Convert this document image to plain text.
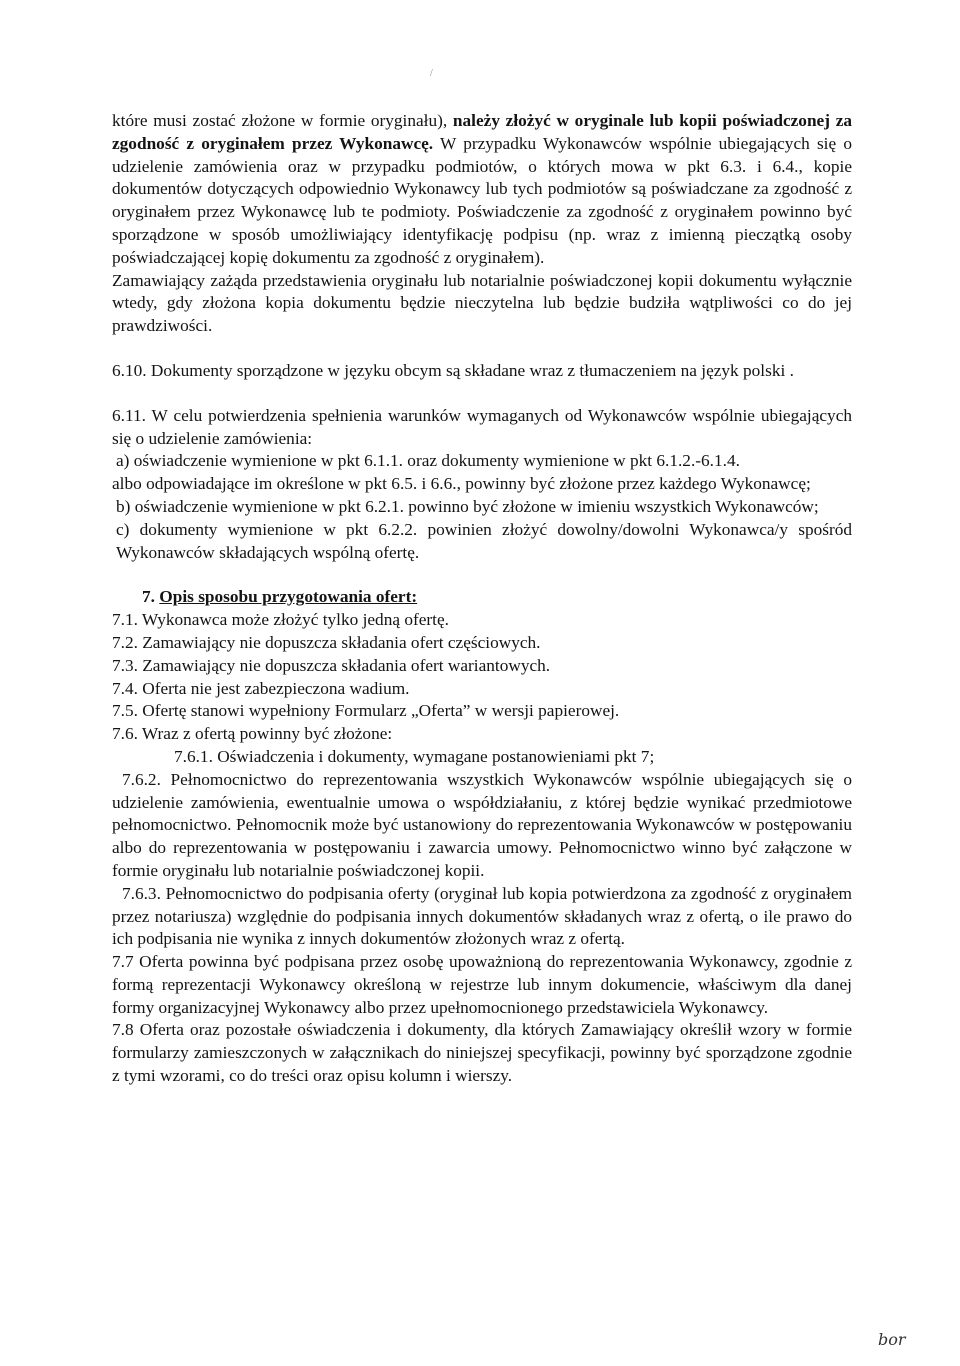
/

które musi zostać złożone w formie oryginału), należy złożyć w oryginale lub kopii poświadczonej za zgodność z oryginałem przez Wykonawcę. W przypadku Wykonawców wspólnie ubiegających się o udzielenie zamówienia oraz w przypadku podmiotów, o których mowa w pkt 6.3. i 6.4., kopie dokumentów dotyczących odpowiednio Wykonawcy lub tych podmiotów są poświadczane za zgodność z oryginałem przez Wykonawcę lub te podmioty. Poświadczenie za zgodność z oryginałem powinno być sporządzone w sposób umożliwiający identyfikację podpisu (np. wraz z imienną pieczątką osoby poświadczającej kopię dokumentu za zgodność z oryginałem).

Zamawiający zażąda przedstawienia oryginału lub notarialnie poświadczonej kopii dokumentu wyłącznie wtedy, gdy złożona kopia dokumentu będzie nieczytelna lub będzie budziła wątpliwości co do jej prawdziwości.

6.10. Dokumenty sporządzone w języku obcym są składane wraz z tłumaczeniem na język polski .

6.11. W celu potwierdzenia spełnienia warunków wymaganych od Wykonawców wspólnie ubiegających się o udzielenie zamówienia:

a) oświadczenie wymienione w pkt 6.1.1. oraz dokumenty wymienione w pkt 6.1.2.-6.1.4.

albo odpowiadające im określone w pkt 6.5. i 6.6., powinny być złożone przez każdego Wykonawcę;

b) oświadczenie wymienione w pkt 6.2.1. powinno być złożone w imieniu wszystkich Wykonawców;

c) dokumenty wymienione w pkt 6.2.2. powinien złożyć dowolny/dowolni Wykonawca/y spośród Wykonawców składających wspólną ofertę.

7. Opis sposobu przygotowania ofert:

7.1. Wykonawca może złożyć tylko jedną ofertę.

7.2. Zamawiający nie dopuszcza składania ofert częściowych.

7.3. Zamawiający nie dopuszcza składania ofert wariantowych.

7.4. Oferta nie jest zabezpieczona wadium.

7.5. Ofertę stanowi wypełniony Formularz „Oferta” w wersji papierowej.

7.6. Wraz z ofertą powinny być złożone:

7.6.1. Oświadczenia i dokumenty, wymagane postanowieniami pkt 7;

7.6.2. Pełnomocnictwo do reprezentowania wszystkich Wykonawców wspólnie ubiegających się o udzielenie zamówienia, ewentualnie umowa o współdziałaniu, z której będzie wynikać przedmiotowe pełnomocnictwo. Pełnomocnik może być ustanowiony do reprezentowania Wykonawców w postępowaniu albo do reprezentowania w postępowaniu i zawarcia umowy. Pełnomocnictwo winno być załączone w formie oryginału lub notarialnie poświadczonej kopii.

7.6.3. Pełnomocnictwo do podpisania oferty (oryginał lub kopia potwierdzona za zgodność z oryginałem przez notariusza) względnie do podpisania innych dokumentów składanych wraz z ofertą, o ile prawo do ich podpisania nie wynika z innych dokumentów złożonych wraz z ofertą.

7.7 Oferta powinna być podpisana przez osobę upoważnioną do reprezentowania Wykonawcy, zgodnie z formą reprezentacji Wykonawcy określoną w rejestrze lub innym dokumencie, właściwym dla danej formy organizacyjnej Wykonawcy albo przez upełnomocnionego przedstawiciela Wykonawcy.

7.8 Oferta oraz pozostałe oświadczenia i dokumenty, dla których Zamawiający określił wzory w formie formularzy zamieszczonych w załącznikach do niniejszej specyfikacji, powinny być sporządzone zgodnie z tymi wzorami, co do treści oraz opisu kolumn i wierszy.

bor
